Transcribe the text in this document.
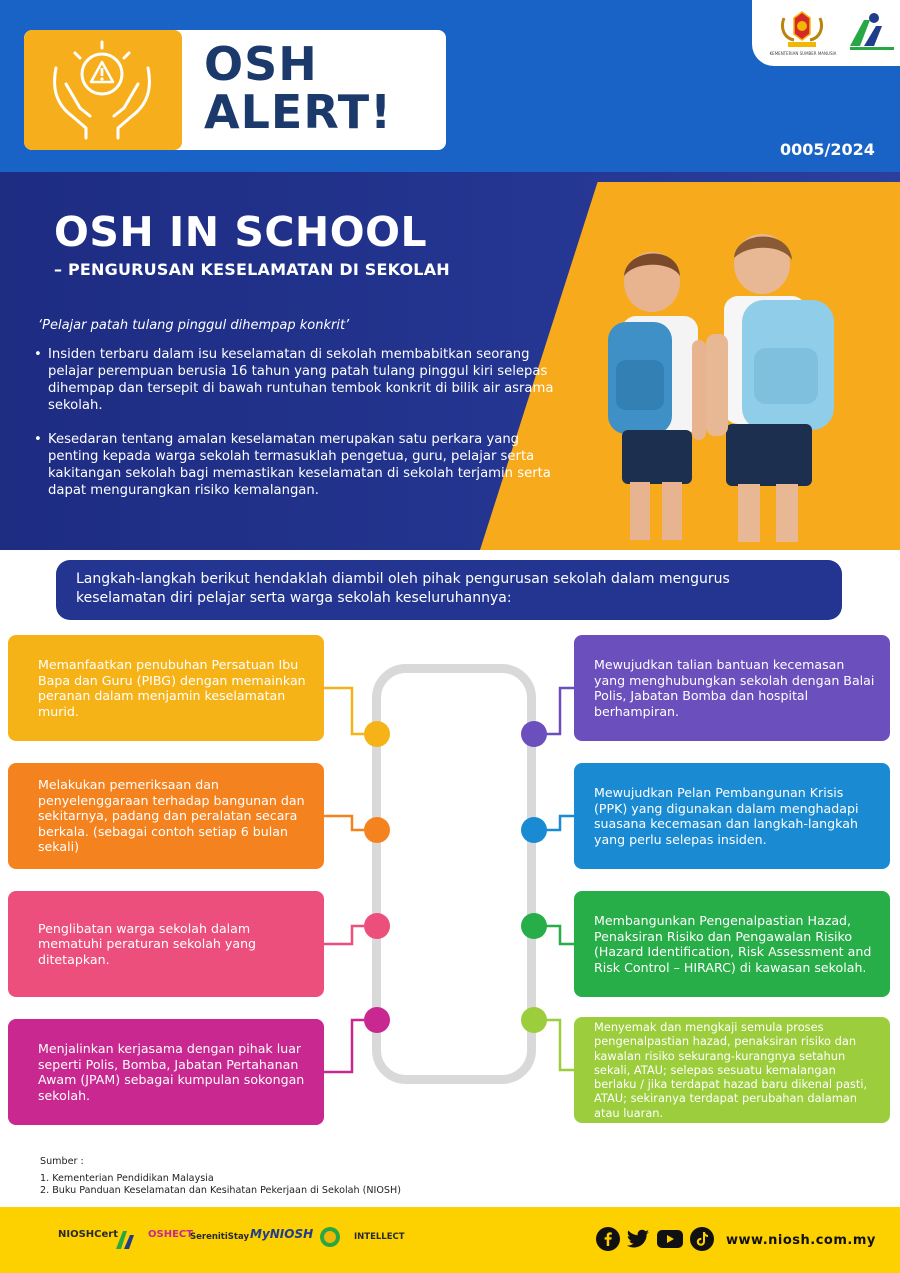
OSH
ALERT!
KEMENTERIAN SUMBER MANUSIA
0005/2024
OSH IN SCHOOL
– PENGURUSAN KESELAMATAN DI SEKOLAH
‘Pelajar patah tulang pinggul dihempap konkrit’
• Insiden terbaru dalam isu keselamatan di sekolah membabitkan seorang pelajar perempuan berusia 16 tahun yang patah tulang pinggul kiri selepas dihempap dan tersepit di bawah runtuhan tembok konkrit di bilik air asrama sekolah.
• Kesedaran tentang amalan keselamatan merupakan satu perkara yang penting kepada warga sekolah termasuklah pengetua, guru, pelajar serta kakitangan sekolah bagi memastikan keselamatan di sekolah terjamin serta dapat mengurangkan risiko kemalangan.
Langkah-langkah berikut hendaklah diambil oleh pihak pengurusan sekolah dalam mengurus keselamatan diri pelajar serta warga sekolah keseluruhannya:
Memanfaatkan penubuhan Persatuan Ibu Bapa dan Guru (PIBG) dengan memainkan peranan dalam menjamin keselamatan murid.
Melakukan pemeriksaan dan penyelenggaraan terhadap bangunan dan sekitarnya, padang dan peralatan secara berkala. (sebagai contoh setiap 6 bulan sekali)
Penglibatan warga sekolah dalam mematuhi peraturan sekolah yang ditetapkan.
Menjalinkan kerjasama dengan pihak luar seperti Polis, Bomba, Jabatan Pertahanan Awam (JPAM) sebagai kumpulan sokongan sekolah.
Mewujudkan talian bantuan kecemasan yang menghubungkan sekolah dengan Balai Polis, Jabatan Bomba dan hospital berhampiran.
Mewujudkan Pelan Pembangunan Krisis (PPK) yang digunakan dalam menghadapi suasana kecemasan dan langkah-langkah yang perlu selepas insiden.
Membangunkan Pengenalpastian Hazad, Penaksiran Risiko dan Pengawalan Risiko (Hazard Identification, Risk Assessment and Risk Control – HIRARC) di kawasan sekolah.
Menyemak dan mengkaji semula proses pengenalpastian hazad, penaksiran risiko dan kawalan risiko sekurang-kurangnya setahun sekali, ATAU; selepas sesuatu kemalangan berlaku / jika terdapat hazad baru dikenal pasti, ATAU; sekiranya terdapat perubahan dalaman atau luaran.
Sumber :
1. Kementerian Pendidikan Malaysia
2. Buku Panduan Keselamatan dan Kesihatan Pekerjaan di Sekolah (NIOSH)
NIOSHCert	OSHECT
SerenitiStay MyNIOSH	INTELLECT	www.niosh.com.my
